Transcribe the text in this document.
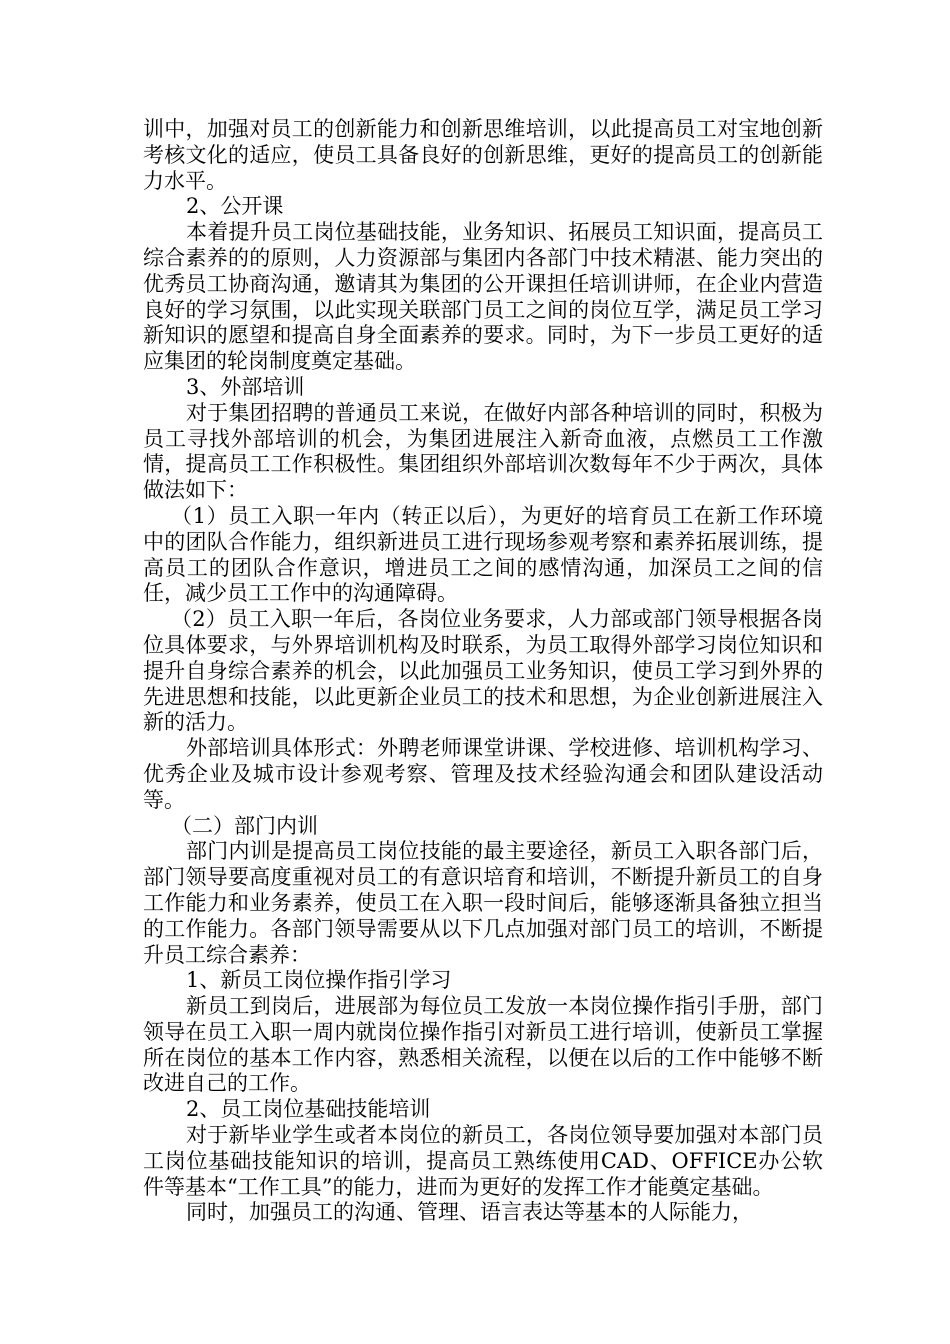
训中，加强对员工的创新能力和创新思维培训，以此提高员工对宝地创新考核文化的适应，使员工具备良好的创新思维，更好的提高员工的创新能力水平。

2、公开课

本着提升员工岗位基础技能，业务知识、拓展员工知识面，提高员工综合素养的的原则，人力资源部与集团内各部门中技术精湛、能力突出的优秀员工协商沟通，邀请其为集团的公开课担任培训讲师，在企业内营造良好的学习氛围，以此实现关联部门员工之间的岗位互学，满足员工学习新知识的愿望和提高自身全面素养的要求。同时，为下一步员工更好的适应集团的轮岗制度奠定基础。

3、外部培训

对于集团招聘的普通员工来说，在做好内部各种培训的同时，积极为员工寻找外部培训的机会，为集团进展注入新奇血液，点燃员工工作激情，提高员工工作积极性。集团组织外部培训次数每年不少于两次，具体做法如下：

（1）员工入职一年内（转正以后），为更好的培育员工在新工作环境中的团队合作能力，组织新进员工进行现场参观考察和素养拓展训练，提高员工的团队合作意识，增进员工之间的感情沟通，加深员工之间的信任，减少员工工作中的沟通障碍。

（2）员工入职一年后，各岗位业务要求，人力部或部门领导根据各岗位具体要求，与外界培训机构及时联系，为员工取得外部学习岗位知识和提升自身综合素养的机会，以此加强员工业务知识，使员工学习到外界的先进思想和技能，以此更新企业员工的技术和思想，为企业创新进展注入新的活力。

外部培训具体形式：外聘老师课堂讲课、学校进修、培训机构学习、优秀企业及城市设计参观考察、管理及技术经验沟通会和团队建设活动等。

（二）部门内训

部门内训是提高员工岗位技能的最主要途径，新员工入职各部门后，部门领导要高度重视对员工的有意识培育和培训，不断提升新员工的自身工作能力和业务素养，使员工在入职一段时间后，能够逐渐具备独立担当的工作能力。各部门领导需要从以下几点加强对部门员工的培训，不断提升员工综合素养：

1、新员工岗位操作指引学习

新员工到岗后，进展部为每位员工发放一本岗位操作指引手册，部门领导在员工入职一周内就岗位操作指引对新员工进行培训，使新员工掌握所在岗位的基本工作内容，熟悉相关流程，以便在以后的工作中能够不断改进自己的工作。

2、员工岗位基础技能培训

对于新毕业学生或者本岗位的新员工，各岗位领导要加强对本部门员工岗位基础技能知识的培训，提高员工熟练使用CAD、OFFICE办公软件等基本“工作工具”的能力，进而为更好的发挥工作才能奠定基础。

同时，加强员工的沟通、管理、语言表达等基本的人际能力，
